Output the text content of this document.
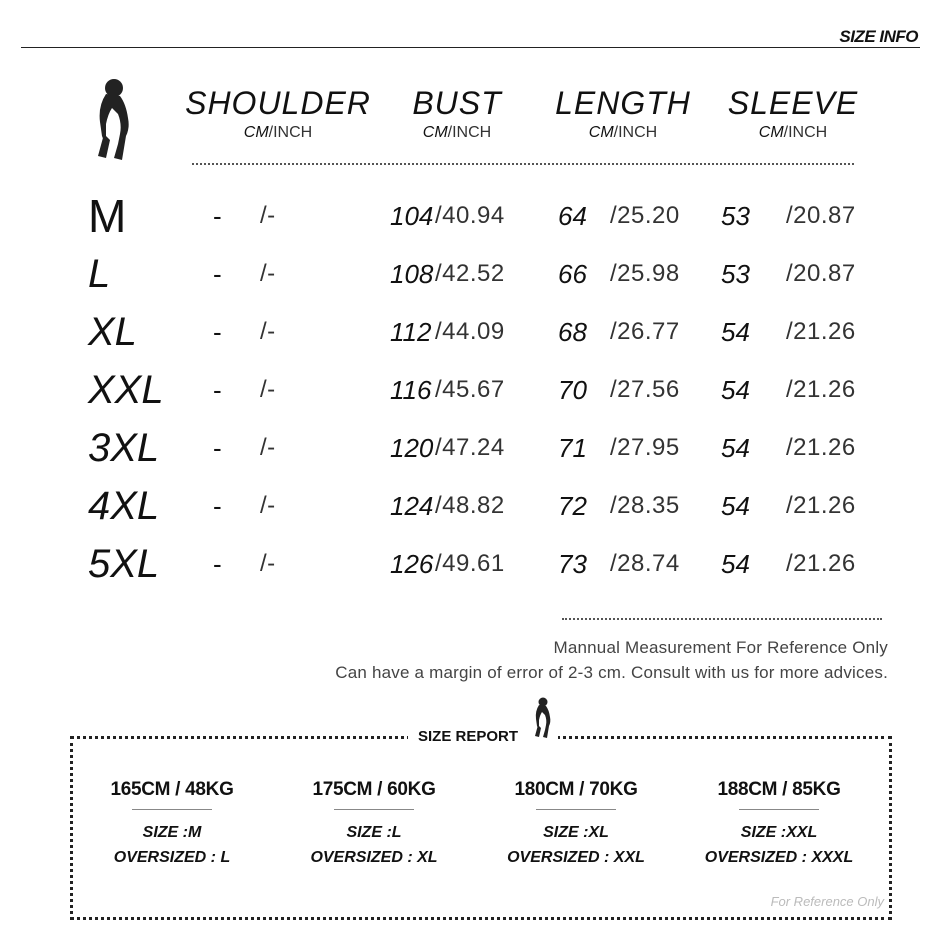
SIZE INFO
SHOULDER
CM/INCH
BUST
CM/INCH
LENGTH
CM/INCH
SLEEVE
CM/INCH
M	- /-	104 /40.94 64 /25.20 53 /20.87
L	- /-	108 /42.52 66 /25.98 53 /20.87
XL	- /-	112 /44.09 68 /26.77 54 /21.26
XXL - /-	116 /45.67 70 /27.56 54 /21.26
3XL - /-	120 /47.24 71 /27.95 54 /21.26
4XL - /-	124 /48.82 72 /28.35 54 /21.26
5XL - /-	126 /49.61 73 /28.74 54 /21.26
Mannual Measurement For Reference Only
Can have a margin of error of 2-3 cm. Consult with us for more advices.
SIZE REPORT
165CM / 48KG
SIZE :M
OVERSIZED : L
175CM / 60KG
SIZE :L
OVERSIZED : XL
180CM / 70KG
SIZE :XL
OVERSIZED : XXL
188CM / 85KG
SIZE :XXL
OVERSIZED : XXXL
For Reference Only
